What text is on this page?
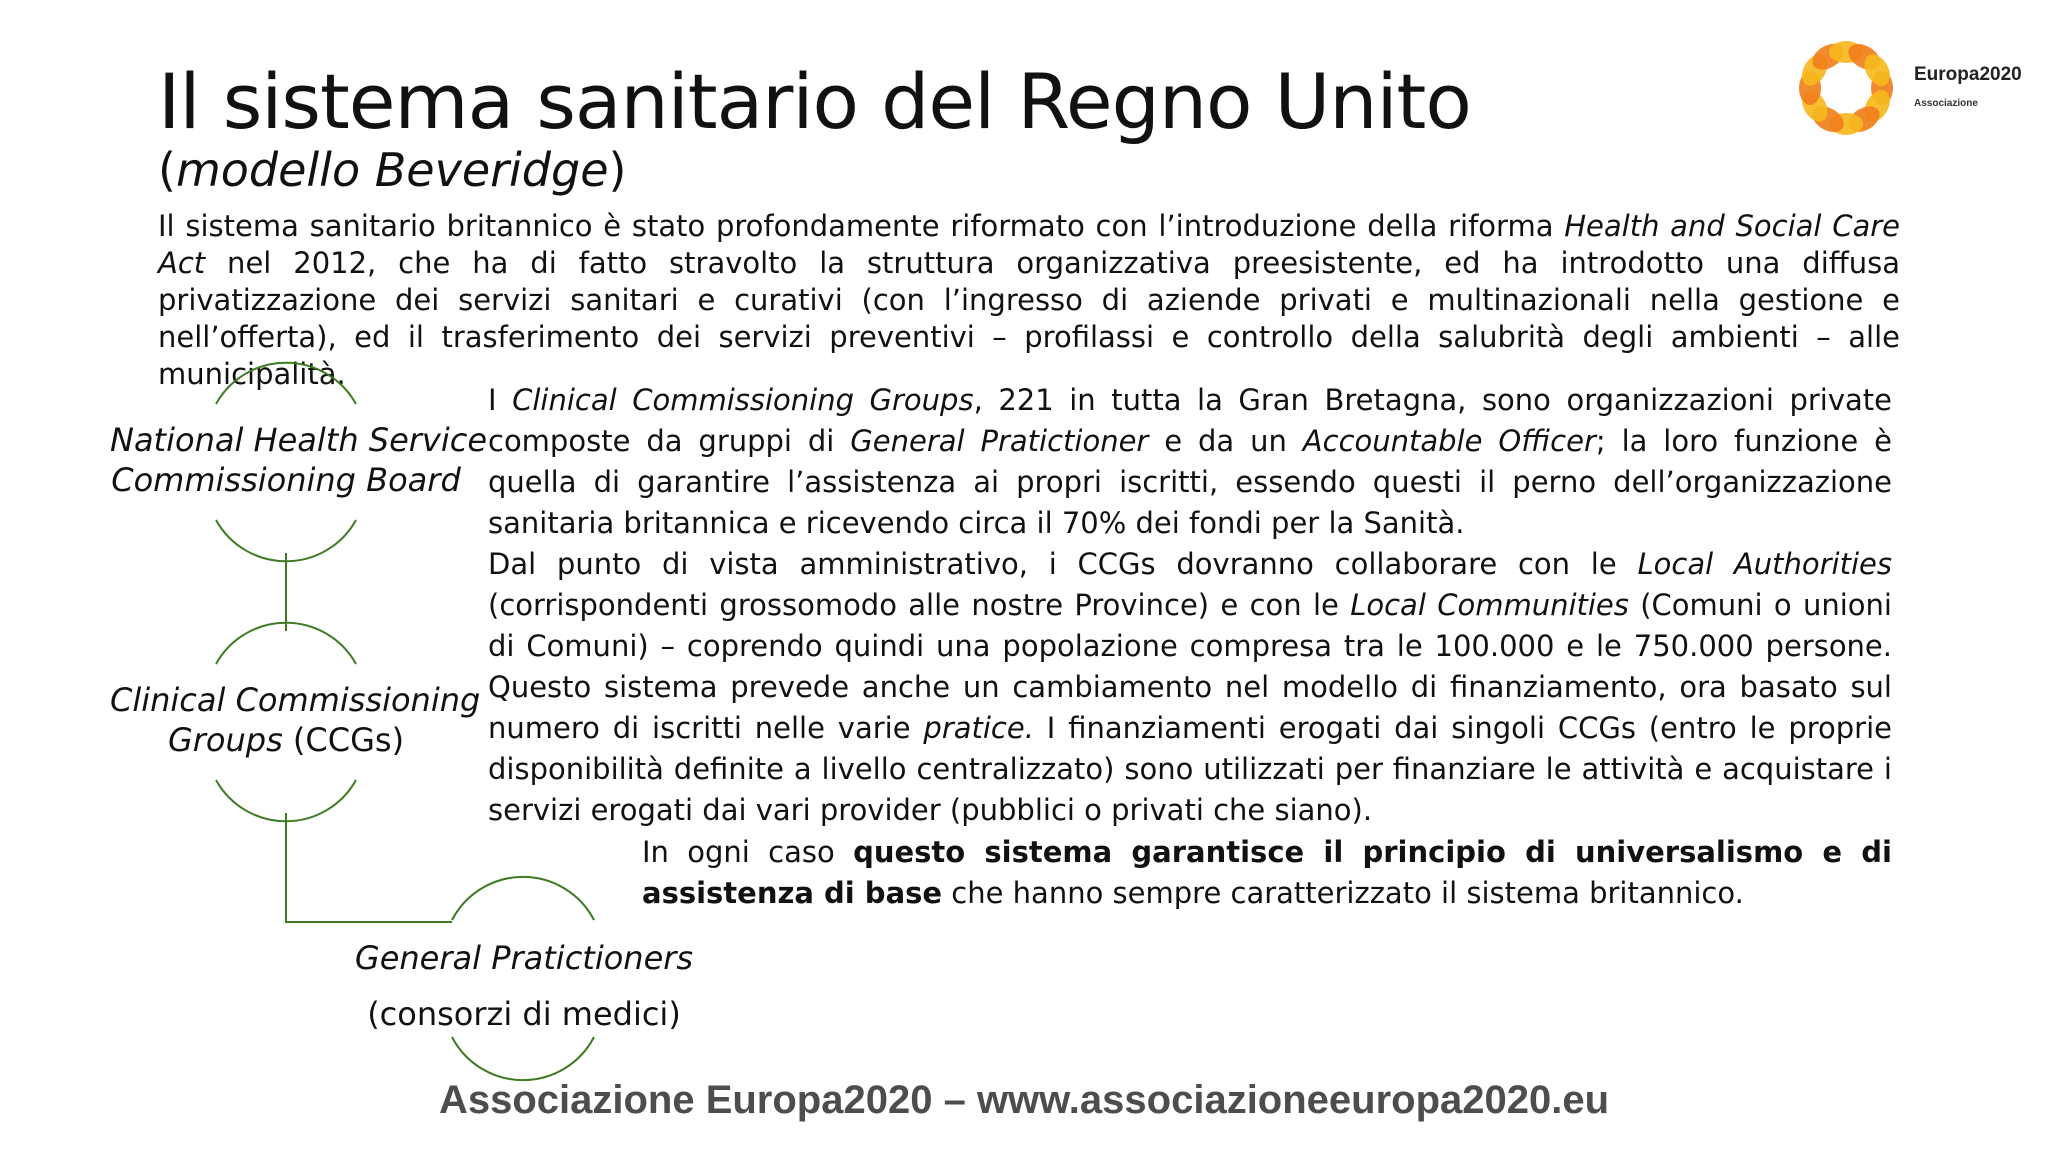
Il sistema sanitario del Regno Unito
(modello Beveridge)
Europa2020
Associazione

Il sistema sanitario britannico è stato profondamente riformato con l’introduzione della riforma Health and Social Care Act nel 2012, che ha di fatto stravolto la struttura organizzativa preesistente, ed ha introdotto una diffusa privatizzazione dei servizi sanitari e curativi (con l’ingresso di aziende privati e multinazionali nella gestione e nell’offerta), ed il trasferimento dei servizi preventivi – profilassi e controllo della salubrità degli ambienti – alle municipalità.

National Health Service
Commissioning Board
Clinical Commissioning
Groups (CCGs)
General Pratictioners
(consorzi di medici)

I Clinical Commissioning Groups, 221 in tutta la Gran Bretagna, sono organizzazioni private composte da gruppi di General Pratictioner e da un Accountable Officer; la loro funzione è quella di garantire l’assistenza ai propri iscritti, essendo questi il perno dell’organizzazione sanitaria britannica e ricevendo circa il 70% dei fondi per la Sanità.

Dal punto di vista amministrativo, i CCGs dovranno collaborare con le Local Authorities (corrispondenti grossomodo alle nostre Province) e con le Local Communities (Comuni o unioni di Comuni) – coprendo quindi una popolazione compresa tra le 100.000 e le 750.000 persone. Questo sistema prevede anche un cambiamento nel modello di finanziamento, ora basato sul numero di iscritti nelle varie pratice. I finanziamenti erogati dai singoli CCGs (entro le proprie disponibilità definite a livello centralizzato) sono utilizzati per finanziare le attività e acquistare i servizi erogati dai vari provider (pubblici o privati che siano).

In ogni caso questo sistema garantisce il principio di universalismo e di assistenza di base che hanno sempre caratterizzato il sistema britannico.

Associazione Europa2020 – www.associazioneeuropa2020.eu
